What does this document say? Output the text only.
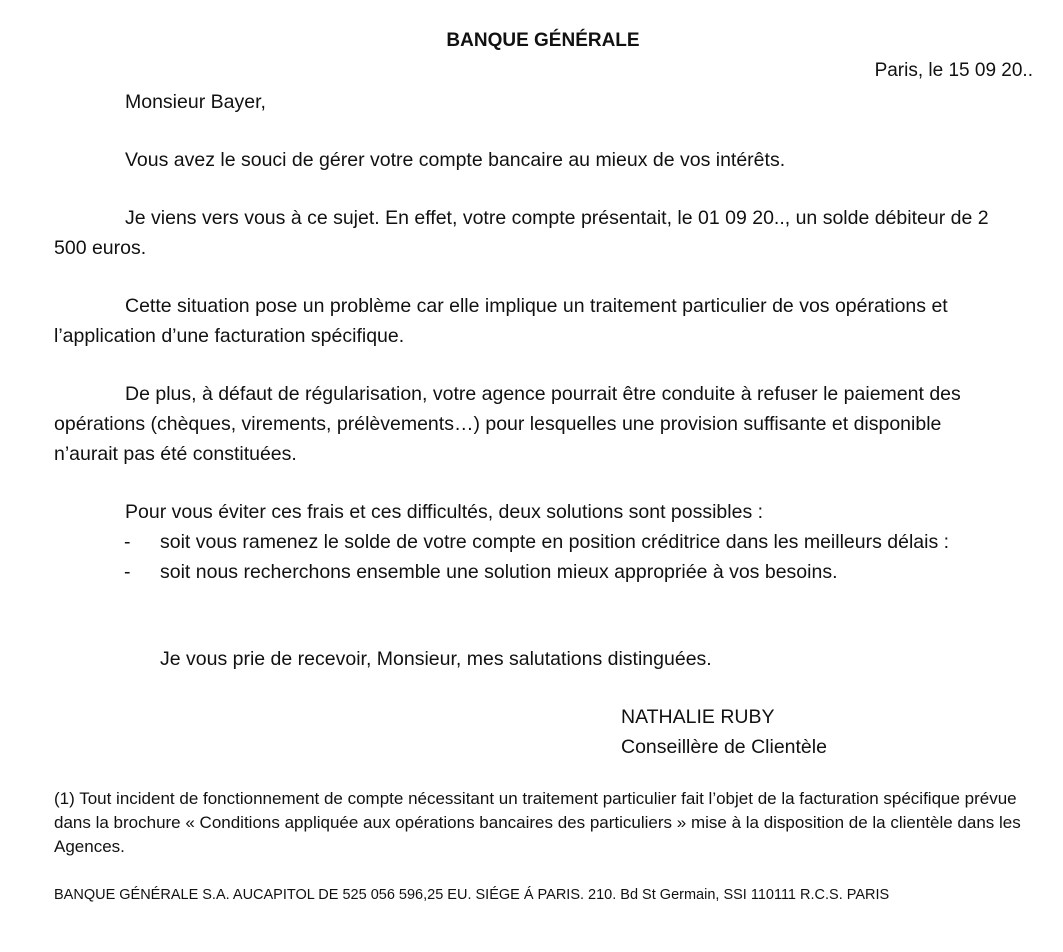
BANQUE GÉNÉRALE
Paris, le 15 09 20..
Monsieur Bayer,

Vous avez le souci de gérer votre compte bancaire au mieux de vos intérêts.

Je viens vers vous à ce sujet. En effet, votre compte présentait, le 01 09 20.., un solde débiteur de 2 500 euros.

Cette situation pose un problème car elle implique un traitement particulier de vos opérations et l’application d’une facturation spécifique.

De plus, à défaut de régularisation, votre agence pourrait être conduite à refuser le paiement des opérations (chèques, virements, prélèvements…) pour lesquelles une provision suffisante et disponible n’aurait pas été constituées.

Pour vous éviter ces frais et ces difficultés, deux solutions sont possibles :

- soit vous ramenez le solde de votre compte en position créditrice dans les meilleurs délais :
- soit nous recherchons ensemble une solution mieux appropriée à vos besoins.
Je vous prie de recevoir, Monsieur, mes salutations distinguées.
NATHALIE RUBY
Conseillère de Clientèle
(1) Tout incident de fonctionnement de compte nécessitant un traitement particulier fait l’objet de la facturation spécifique prévue dans la brochure « Conditions appliquée aux opérations bancaires des particuliers » mise à la disposition de la clientèle dans les Agences.
BANQUE GÉNÉRALE S.A. AUCAPITOL DE 525 056 596,25 EU. SIÉGE Á PARIS. 210. Bd St Germain, SSI 110111 R.C.S. PARIS
